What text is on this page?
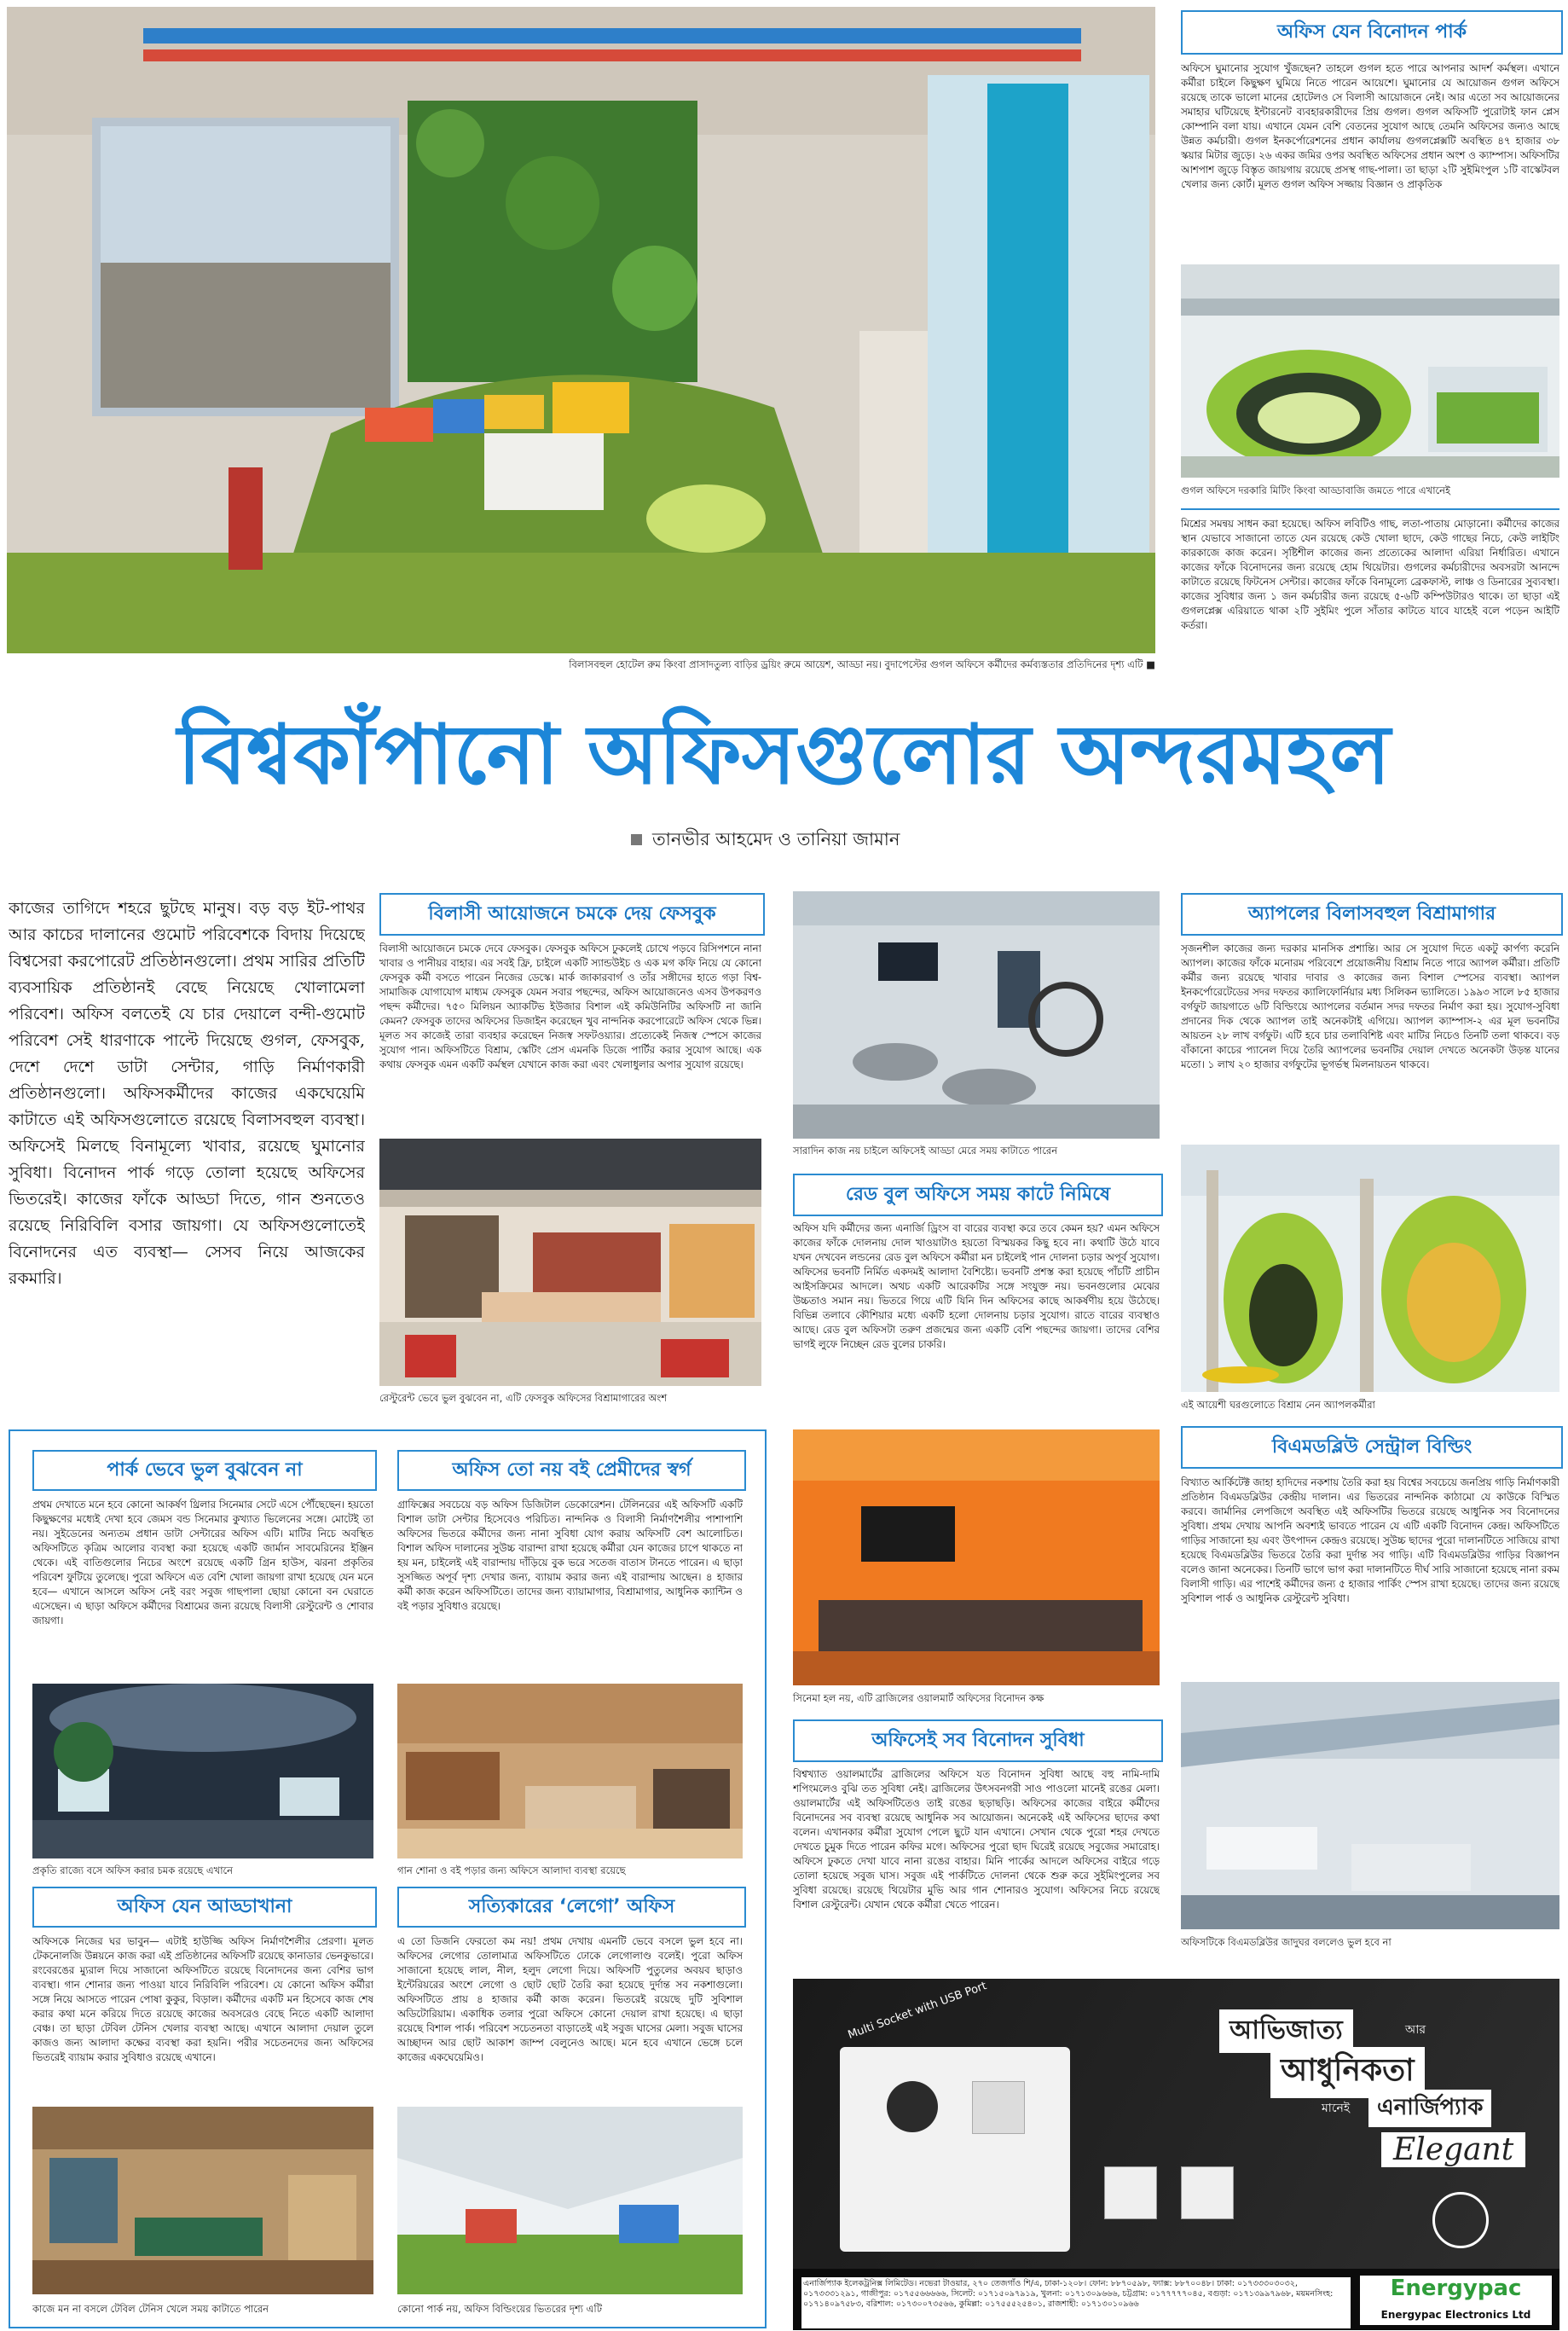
বিলাসবহুল হোটেল রুম কিংবা প্রাসাদতুল্য বাড়ির ড্রয়িং রুমে আয়েশ, আড্ডা নয়। বুদাপেস্টের গুগল অফিসে কর্মীদের কর্মব্যস্ততার প্রতিদিনের দৃশ্য এটি ■
অফিস যেন বিনোদন পার্ক
অফিসে ঘুমানোর সুযোগ খুঁজছেন? তাহলে গুগল হতে পারে আপনার আদর্শ কর্মস্থল। এখানে কর্মীরা চাইলে কিছুক্ষণ ঘুমিয়ে নিতে পারেন আয়েশে। ঘুমানোর যে আয়োজন গুগল অফিসে রয়েছে তাকে ভালো মানের হোটেলও সে বিলাসী আয়োজনে নেই। আর এতো সব আয়োজনের সমাহার ঘটিয়েছে ইন্টারনেট ব্যবহারকারীদের প্রিয় গুগল। গুগল অফিসটি পুরোটাই ফান প্লেস কোম্পানি বলা যায়। এখানে যেমন বেশি বেতনের সুযোগ আছে তেমনি অফিসের জন্যও আছে উন্নত কর্মচারী। গুগল ইনকর্পোরেশনের প্রধান কার্যালয় গুগলপ্লেক্সটি অবস্থিত ৪৭ হাজার ৩৮ স্কয়ার মিটার জুড়ে। ২৬ একর জমির ওপর অবস্থিত অফিসের প্রধান অংশ ও ক্যাম্পাস। অফিসটির আশপাশ জুড়ে বিস্তৃত জায়গায় রয়েছে প্রসস্থ গাছ-পালা। তা ছাড়া ২টি সুইমিংপুল ১টি বাস্কেটবল খেলার জন্য কোর্ট। মূলত গুগল অফিস সজ্জায় বিজ্ঞান ও প্রাকৃতিক
গুগল অফিসে দরকারি মিটিং কিংবা আড্ডাবাজি জমতে পারে এখানেই
মিশ্রের সমন্বয় সাধন করা হয়েছে। অফিস লবিটিও গাছ, লতা-পাতায় মোড়ানো। কর্মীদের কাজের স্থান যেভাবে সাজানো তাতে যেন রয়েছে কেউ খোলা ছাদে, কেউ গাছের নিচে, কেউ লাইটিং কারকাজে কাজ করেন। সৃষ্টিশীল কাজের জন্য প্রত্যেকের আলাদা এরিয়া নির্ধারিত। এখানে কাজের ফাঁকে বিনোদনের জন্য রয়েছে হোম থিয়েটার। গুগলের কর্মচারীদের অবসরটা আনন্দে কাটাতে রয়েছে ফিটনেস সেন্টার। কাজের ফাঁকে বিনামূল্যে ব্রেকফাস্ট, লাঞ্চ ও ডিনারের সুব্যবস্থা। কাজের সুবিধার জন্য ১ জন কর্মচারীর জন্য রয়েছে ৫-৬টি কম্পিউটারও থাকে। তা ছাড়া এই গুগলপ্লেক্স এরিয়াতে থাকা ২টি সুইমিং পুলে সাঁতার কাটতে যাবে যাহেই বলে পড়েন আইটি কর্তরা।
বিশ্বকাঁপানো অফিসগুলোর অন্দরমহল
তানভীর আহমেদ ও তানিয়া জামান
কাজের তাগিদে শহরে ছুটছে মানুষ। বড় বড় ইট-পাথর আর কাচের দালানের গুমোট পরিবেশকে বিদায় দিয়েছে বিশ্বসেরা করপোরেট প্রতিষ্ঠানগুলো। প্রথম সারির প্রতিটি ব্যবসায়িক প্রতিষ্ঠানই বেছে নিয়েছে খোলামেলা পরিবেশ। অফিস বলতেই যে চার দেয়ালে বন্দী-গুমোট পরিবেশ সেই ধারণাকে পাল্টে দিয়েছে গুগল, ফেসবুক, দেশে দেশে ডাটা সেন্টার, গাড়ি নির্মাণকারী প্রতিষ্ঠানগুলো। অফিসকর্মীদের কাজের একঘেয়েমি কাটাতে এই অফিসগুলোতে রয়েছে বিলাসবহুল ব্যবস্থা। অফিসেই মিলছে বিনামূল্যে খাবার, রয়েছে ঘুমানোর সুবিধা। বিনোদন পার্ক গড়ে তোলা হয়েছে অফিসের ভিতরেই। কাজের ফাঁকে আড্ডা দিতে, গান শুনতেও রয়েছে নিরিবিলি বসার জায়গা। যে অফিসগুলোতেই বিনোদনের এত ব্যবস্থা— সেসব নিয়ে আজকের রকমারি।
বিলাসী আয়োজনে চমকে দেয় ফেসবুক
বিলাসী আয়োজনে চমকে দেবে ফেসবুক। ফেসবুক অফিসে ঢুকলেই চোখে পড়বে রিসিপশনে নানা খাবার ও পানীয়র বাহার। এর সবই ফ্রি, চাইলে একটি স্যান্ডউইচ ও এক মগ কফি নিয়ে যে কোনো ফেসবুক কর্মী বসতে পারেন নিজের ডেস্কে। মার্ক জাকারবার্গ ও তাঁর সঙ্গীদের হাতে গড়া বিশ্ব-সামাজিক যোগাযোগ মাধ্যম ফেসবুক যেমন সবার পছন্দের, অফিস আয়োজনেও এসব উপকরণও পছন্দ কর্মীদের। ৭৫০ মিলিয়ন অ্যাকটিভ ইউজার বিশাল এই কমিউনিটির অফিসটি না জানি কেমন? ফেসবুক তাদের অফিসের ডিজাইন করেছেন খুব নান্দনিক করপোরেটে অফিস থেকে ভিন্ন। মূলত সব কাজেই তারা ব্যবহার করেছেন নিজস্ব সফটওয়্যার। প্রত্যেকেই নিজস্ব স্পেসে কাজের সুযোগ পান। অফিসটিতে বিশ্রাম, স্কেটিং প্রেস এমনকি ডিজে পার্টির করার সুযোগ আছে। এক কথায় ফেসবুক এমন একটি কর্মস্থল যেখানে কাজ করা এবং খেলাধুলার অপার সুযোগ রয়েছে।
রেস্টুরেন্ট ভেবে ভুল বুঝবেন না, এটি ফেসবুক অফিসের বিশ্রামাগারের অংশ
সারাদিন কাজ নয় চাইলে অফিসেই আড্ডা মেরে সময় কাটাতে পারেন
রেড বুল অফিসে সময় কাটে নিমিষে
অফিস যদি কর্মীদের জন্য এনার্জি ড্রিংস বা বারের ব্যবস্থা করে তবে কেমন হয়? এমন অফিসে কাজের ফাঁকে দোলনায় দোল খাওয়াটাও হয়তো বিস্ময়কর কিছু হবে না। কথাটি উঠে যাবে যখন দেখবেন লন্ডনের রেড বুল অফিসে কর্মীরা মন চাইলেই পান দোলনা চড়ার অপূর্ব সুযোগ। অফিসের ভবনটি নির্মিত একদমই আলাদা বৈশিষ্ট্যে। ভবনটি প্রশস্ত করা হয়েছে পাঁচটি প্রাচীন আইসক্রিমের আদলে। অথচ একটি আরেকটির সঙ্গে সংযুক্ত নয়। ভবনগুলোর মেঝের উচ্চতাও সমান নয়। ভিতরে গিয়ে এটি যিনি দিন অফিসের কাছে আকর্ষণীয় হয়ে উঠেছে। বিভিন্ন তলাবে কৌশিয়ার মধ্যে একটি হলো দোলনায় চড়ার সুযোগ। রাতে বারের ব্যবস্থাও আছে। রেড বুল অফিসটা তরুণ প্রজন্মের জন্য একটি বেশি পছন্দের জায়গা। তাদের বেশির ভাগই লুফে নিচ্ছেন রেড বুলের চাকরি।
অ্যাপলের বিলাসবহুল বিশ্রামাগার
সৃজনশীল কাজের জন্য দরকার মানসিক প্রশান্তি। আর সে সুযোগ দিতে একটু কার্পণ্য করেনি অ্যাপল। কাজের ফাঁকে মনোরম পরিবেশে প্রয়োজনীয় বিশ্রাম নিতে পারে অ্যাপল কর্মীরা। প্রতিটি কর্মীর জন্য রয়েছে খাবার দাবার ও কাজের জন্য বিশাল স্পেসের ব্যবস্থা। অ্যাপল ইনকর্পোরেটেডের সদর দফতর ক্যালিফোর্নিয়ার মধ্য সিলিকন ভ্যালিতে। ১৯৯৩ সালে ৮৫ হাজার বর্গফুট জায়গাতে ৬টি বিল্ডিংয়ে অ্যাপলের বর্তমান সদর দফতর নির্মাণ করা হয়। সুযোগ-সুবিধা প্রদানের দিক থেকে অ্যাপল তাই অনেকটাই এগিয়ে। অ্যাপল ক্যাম্পাস-২ এর মূল ভবনটির আয়তন ২৮ লাখ বর্গফুট। এটি হবে চার তলাবিশিষ্ট এবং মাটির নিচেও তিনটি তলা থাকবে। বড় বাঁকানো কাচের প্যানেল দিয়ে তৈরি অ্যাপলের ভবনটির দেয়াল দেখতে অনেকটা উড়ন্ত যানের মতো। ১ লাখ ২০ হাজার বর্গফুটের ভূগর্ভস্থ মিলনায়তন থাকবে।
এই আয়েশী ঘরগুলোতে বিশ্রাম নেন অ্যাপলকর্মীরা
পার্ক ভেবে ভুল বুঝবেন না
প্রথম দেখাতে মনে হবে কোনো আকর্ষণ থ্রিলার সিনেমার সেটে এসে পৌঁছেছেন। হয়তো কিছুক্ষণের মধ্যেই দেখা হবে জেমস বন্ড সিনেমার কুখ্যাত ভিলেনের সঙ্গে। মোটেই তা নয়। সুইডেনের অন্যতম প্রধান ডাটা সেন্টারের অফিস এটি। মাটির নিচে অবস্থিত অফিসটিতে কৃত্রিম আলোর ব্যবস্থা করা হয়েছে একটি জার্মান সাবমেরিনের ইঞ্জিন থেকে। এই বাতিগুলোর নিচের অংশে রয়েছে একটি গ্রিন হাউস, ঝরনা প্রকৃতির পরিবেশ ফুটিয়ে তুলেছে। পুরো অফিসে এত বেশি খোলা জায়গা রাখা হয়েছে যেন মনে হবে— এখানে আসলে অফিস নেই বরং সবুজ গাছপালা ছোয়া কোনো বন ঘেরাতে এসেছেন। এ ছাড়া অফিসে কর্মীদের বিশ্রামের জন্য রয়েছে বিলাসী রেস্টুরেন্ট ও শোবার জায়গা।
প্রকৃতি রাজ্যে বসে অফিস করার চমক রয়েছে এখানে
অফিস তো নয় বই প্রেমীদের স্বর্গ
গ্রাফিক্সের সবচেয়ে বড় অফিস ডিজিটাল ডেকোরেশন। টেলিনরের এই অফিসটি একটি বিশাল ডাটা সেন্টার হিসেবেও পরিচিত। নান্দনিক ও বিলাসী নির্মাণশৈলীর পাশাপাশি অফিসের ভিতরে কর্মীদের জন্য নানা সুবিধা যোগ করায় অফিসটি বেশ আলোচিত। বিশাল অফিস দালানের সুউচ্চ বারান্দা রাখা হয়েছে কর্মীরা যেন কাজের চাপে থাকতে না হয় মন, চাইলেই এই বারান্দায় দাঁড়িয়ে বুক ভরে সতেজ বাতাস টানতে পারেন। এ ছাড়া সুসজ্জিত অপূর্ব দৃশ্য দেখার জন্য, ব্যায়াম করার জন্য এই বারান্দায় আছেন। ৪ হাজার কর্মী কাজ করেন অফিসটিতে। তাদের জন্য ব্যায়ামাগার, বিশ্রামাগার, আধুনিক ক্যান্টিন ও বই পড়ার সুবিধাও রয়েছে।
গান শোনা ও বই পড়ার জন্য অফিসে আলাদা ব্যবস্থা রয়েছে
অফিস যেন আড্ডাখানা
অফিসকে নিজের ঘর ভাবুন— এটাই হাউজ্জি অফিস নির্মাণশৈলীর প্রেরণা। মূলত টেকনোলজি উন্নয়নে কাজ করা এই প্রতিষ্ঠানের অফিসটি রয়েছে কানাডার ভেনকুভারে। রংবেরঙের ম্যুরাল দিয়ে সাজানো অফিসটিতে রয়েছে বিনোদনের জন্য বেশির ভাগ ব্যবস্থা। গান শোনার জন্য পাওয়া যাবে নিরিবিলি পরিবেশ। যে কোনো অফিস কর্মীরা সঙ্গে নিয়ে আসতে পারেন পোষা কুকুর, বিড়াল। কর্মীদের একটি মন হিসেবে কাজ শেষ করার কথা মনে করিয়ে দিতে রয়েছে কাজের অবসরেও বেছে নিতে একটি আলাদা বেঞ্চ। তা ছাড়া টেবিল টেনিস খেলার ব্যবস্থা আছে। এখানে আলাদা দেয়াল তুলে কাজও জন্য আলাদা কক্ষের ব্যবস্থা করা হয়নি। পরীর সচেতনদের জন্য অফিসের ভিতরেই ব্যায়াম করার সুবিধাও রয়েছে এখানে।
কাজে মন না বসলে টেবিল টেনিস খেলে সময় কাটাতে পারেন
সত্যিকারের ‘লেগো’ অফিস
এ তো ডিজনি ফেরতো কম নয়! প্রথম দেখায় এমনটি ভেবে বসলে ভুল হবে না। অফিসের লেগোর তোলামাত্র অফিসটিতে ঢোকে লেগোলাণ্ড বলেই। পুরো অফিস সাজানো হয়েছে লাল, নীল, হলুদ লেগো দিয়ে। অফিসটি পুতুলের অবয়ব ছাড়াও ইন্টেরিয়রের অংশে লেগো ও ছোট ছোট তৈরি করা হয়েছে দুর্দান্ত সব নকশাগুলো। অফিসটিতে প্রায় ৪ হাজার কর্মী কাজ করেন। ভিতরেই রয়েছে দুটি সুবিশাল অডিটোরিয়াম। একাধিক তলার পুরো অফিসে কোনো দেয়াল রাখা হয়েছে। এ ছাড়া রয়েছে বিশাল পার্ক। পরিবেশ সচেতনতা বাড়াতেই এই সবুজ ঘাসের মেলা। সবুজ ঘাসের আচ্ছাদন আর ছোট আকাশ জাম্প বেলুনেও আছে। মনে হবে এখানে ভেঙ্গে চলে কাজের একঘেয়েমিও।
কোনো পার্ক নয়, অফিস বিল্ডিংয়ের ভিতরের দৃশ্য এটি
সিনেমা হল নয়, এটি ব্রাজিলের ওয়ালমার্ট অফিসের বিনোদন কক্ষ
অফিসেই সব বিনোদন সুবিধা
বিশ্বখ্যাত ওয়ালমার্টের ব্রাজিলের অফিসে যত বিনোদন সুবিধা আছে বহু নামি-দামি শপিংমলেও বুঝি তত সুবিধা নেই। ব্রাজিলের উৎসবনগরী সাও পাওলো মানেই রঙের মেলা। ওয়ালমার্টের এই অফিসটিতেও তাই রঙের ছড়াছড়ি। অফিসের কাজের বাইরে কর্মীদের বিনোদনের সব ব্যবস্থা রয়েছে আধুনিক সব আয়োজন। অনেকেই এই অফিসের ছাদের কথা বলেন। এখানকার কর্মীরা সুযোগ পেলে ছুটে যান এখানে। সেখান থেকে পুরো শহর দেখতে দেখতে চুমুক দিতে পারেন কফির মগে। অফিসের পুরো ছাদ ঘিরেই রয়েছে সবুজের সমারোহ। অফিসে ঢুকতে দেখা যাবে নানা রঙের বাহার। মিনি পার্কের আদলে অফিসের বাইরে গড়ে তোলা হয়েছে সবুজ ঘাস। সবুজ এই পার্কটিতে দোলনা থেকে শুরু করে সুইমিংপুলের সব সুবিধা রয়েছে। রয়েছে থিয়েটার মুভি আর গান শোনারও সুযোগ। অফিসের নিচে রয়েছে বিশাল রেস্টুরেন্ট। যেখান থেকে কর্মীরা খেতে পারেন।
বিএমডব্লিউ সেন্ট্রাল বিল্ডিং
বিখ্যাত আর্কিটেক্ট জাহা হাদিদের নকশায় তৈরি করা হয় বিশ্বের সবচেয়ে জনপ্রিয় গাড়ি নির্মাণকারী প্রতিষ্ঠান বিএমডব্লিউর কেন্দ্রীয় দালান। এর ভিতরের নান্দনিক কাঠামো যে কাউকে বিস্মিত করবে। জার্মানির লেপজিগে অবস্থিত এই অফিসটির ভিতরে রয়েছে আধুনিক সব বিনোদনের সুবিধা। প্রথম দেখায় আপনি অবশ্যই ভাবতে পারেন যে এটি একটি বিনোদন কেন্দ্র। অফিসটিতে গাড়ির সাজানো হয় এবং উৎপাদন কেন্দ্রও রয়েছে। সুউচ্চ ছাদের পুরো দালানটিতে সাজিয়ে রাখা হয়েছে বিএমডব্লিউর ভিতরে তৈরি করা দুর্দান্ত সব গাড়ি। এটি বিএমডব্লিউর গাড়ির বিজ্ঞাপন বলেও জানা অনেকের। তিনটি ভাগে ভাগ করা দালানটিতে দীর্ঘ সারি সাজানো হয়েছে নানা রকম বিলাসী গাড়ি। এর পাশেই কর্মীদের জন্য ৫ হাজার পার্কিং স্পেস রাখা হয়েছে। তাদের জন্য রয়েছে সুবিশাল পার্ক ও আধুনিক রেস্টুরেন্ট সুবিধা।
অফিসটিকে বিএমডব্লিউর জাদুঘর বললেও ভুল হবে না
Multi Socket with USB Port	আভিজাত্য	আর
আধুনিকতা
মানেই	এনার্জিপ্যাক
Elegant
এনার্জিপ্যাক ইলেকট্রনিক্স লিমিটেড। নভেরা টাওয়ার, ২৭০ তেজগাঁও শি/এ, ঢাকা-১২০৮। ফোন: ৮৮৭০৫৯৮, ফ্যাক্স: ৮৮৭০০৪৮। ঢাকা: ০১৭৩৩৩০৩০৩২, ০১৭৩৩৩১২৯১, গাজীপুর: ০১৭৫৫৬৬৬৬৬, সিলেট: ০১৭১৫০৯৭৯১৯, খুলনা: ০১৭১৩০৯৬৬৬, চট্টগ্রাম: ০১৭৭৭৭৭০৪৫, বগুড়া: ০১৭১৩৯৯৭৯৬৮, ময়মনসিংহ: ০১৭১৪০৯৭৫৮৩, বরিশাল: ০১৭৩০০৭৩৫৬৬, কুমিল্লা: ০১৭৫৫৫২৫৪০১, রাজশাহী: ০১৭১৩০১০৯৬৬
Energypac
Energypac Electronics Ltd
